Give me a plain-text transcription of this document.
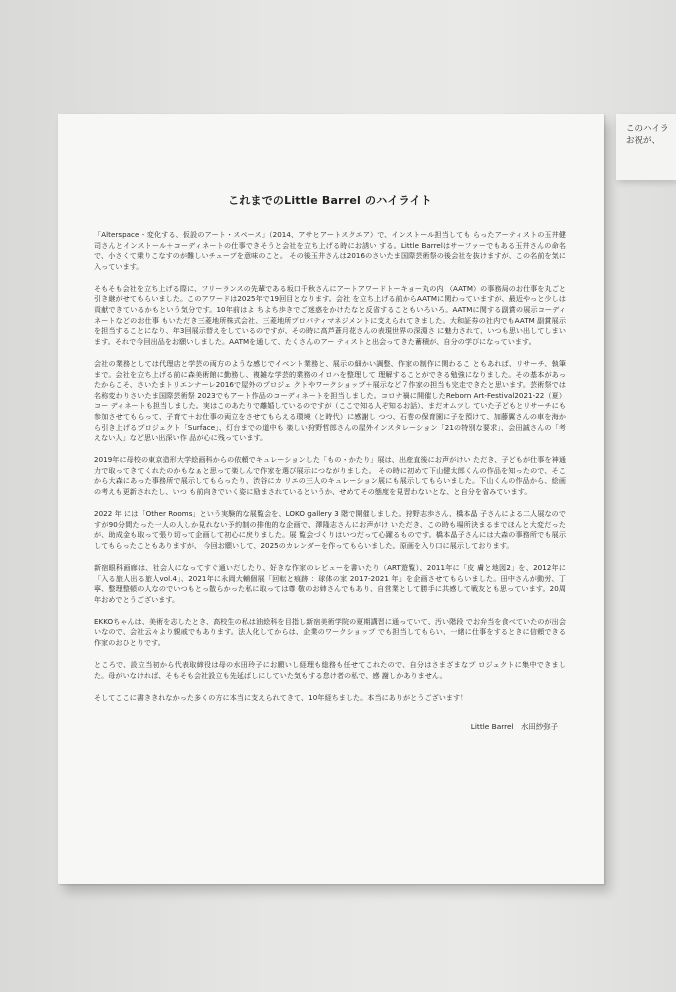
これまでのLittle Barrel のハイライト

「Alterspace - 変化する、仮設のアート・スペース」（2014、アサヒアートスクエア）で、インストール担当しても らったアーティストの玉井健司さんとインストール＋コーディネートの仕事できそうと会社を立ち上げる時にお誘い する。Little Barrelはサーファーでもある玉井さんの命名で、小さくて乗りこなすのが難しいチューブを意味のこと。 その後玉井さんは2016のさいたま国際芸術祭の後会社を抜けますが、この名前を気に入っています。

そもそも会社を立ち上げる際に、フリーランスの先輩である坂口千秋さんにアートアワードトーキョー丸の内 （AATM）の事務局のお仕事を丸ごと引き継がせてもらいました。このアワードは2025年で19回目となります。会社 を立ち上げる前からAATMに関わっていますが、最近やっと少しは貢献できているかもという気分です。10年前はよ ちよち歩きでご迷惑をかけたなと反省することもいろいろ。AATMに関する副賞の展示コーディネートなどのお仕事 もいただき三菱地所株式会社、三菱地所プロパティマネジメントに支えられてきました。大和証券の社内でもAATM 副賞展示を担当することになり、年3回展示替えをしているのですが、その時に高芦蒼月花さんの表現世界の深淵さ に魅力されて、いつも思い出してしまいます。それで今回出品をお願いしました。AATMを通して、たくさんのアー ティストと出会ってきた蓄積が、自分の学びになっています。

会社の業務としては代理店と学芸の両方のような感じでイベント業務と、展示の細かい調整、作家の制作に関わるこ ともあれば、リサーチ、執筆まで。会社を立ち上げる前に森美術館に勤務し、複雑な学芸的業務のイロハを整理して 理解することができる勉強になりました。その基本があったからこそ、さいたまトリエンナーレ2016で屋外のプロジェ クトやワークショップ＋展示など７作家の担当も完走できたと思います。芸術祭では名称変わりさいたま国際芸術祭 2023でもアート作品のコーディネートを担当しました。コロナ禍に開催したReborn Art-Festival2021-22（夏）コー ディネートも担当しました。実はこのあたりで離婚しているのですが（ここで知る人ぞ知るお話）、まだオムツし ていた子どもとリサーチにも参加させてもらって、子育て＋お仕事の両立をさせてもらえる環境（と時代）に感謝し つつ、石巻の保育園に子を預けて、加藤翼さんの車を海から引き上げるプロジェクト「Surface」、灯台までの道中も 楽しい狩野哲郎さんの屋外インスタレーション「21の特別な要求」、会田誠さんの「考えない人」など思い出深い作 品が心に残っています。

2019年に母校の東京造形大学絵画科からの依頼でキュレーションした「もの・かたり」展は、出産直後にお声がけい ただき、子どもが仕事を神通力で取ってきてくれたのかもなぁと思って楽しんで作家を選び展示につながりました。 その時に初めて下山健太郎くんの作品を知ったので、そこから大森にあった事務所で展示してもらったり、渋谷にカ リエの三人のキュレーション展にも展示してもらいました。下山くんの作品から、絵画の考えも更新されたし、いつ も前向きでいく姿に励まされているというか、せめてその態度を見習わないとな、と自分を省みています。

2022 年 には「Other Rooms」という実験的な展覧会を、LOKO gallery 3 階で開催しました。狩野志歩さん、橋本晶 子さんによる二人展なのですが90分間たった一人の人しか見れない予約制の排他的な企画で、澤隆志さんにお声がけ いただき、この時も場所決まるまでほんと大変だったが、助成金も取って張り切って企画して初心に戻りました。展 覧会づくりはいつだって心躍るものです。橋本晶子さんには大森の事務所でも展示してもらったこともありますが、 今回お願いして、2025のカレンダーを作ってもらいました。原画を入り口に展示しております。

新宿眼科画廊は、社会人になってすぐ通いだしたり、好きな作家のレビューを書いたり（ART遊覧）、2011年に「皮 膚と地図2」を、2012年に「入る旅人出る旅人vol.4」、2021年に永岡大輔個展「回転と痕跡 ：球体の家 2017-2021 年」を企画させてもらいました。田中さんが動労、丁寧、整理整頓の人なのでいつもとっ散らかった私に取っては尊 敬のお姉さんでもあり、自営業として勝手に共感して戦友とも思っています。20周年おめでとうございます。

EKKOちゃんは、美術を志したとき、高校生の私は油絵科を目指し新宿美術学院の夏期講習に通っていて、汚い階段 でお弁当を食べていたのが出会いなので、会社云々より親戚でもあります。法人化してからは、企業のワークショップ でも担当してもらい、一緒に仕事をするときに信頼できる作家のおひとりです。

ところで、設立当初から代表取締役は母の水田玲子にお願いし経理も総務も任せてこれたので、自分はさまざまなプ ロジェクトに集中できました。母がいなければ、そもそも会社設立も先延ばしにしていた気もする怠け者の私で、感 謝しかありません。

そしてここに書ききれなかった多くの方に本当に支えられてきて、10年経ちました。本当にありがとうございます！

Little Barrel　水田紗弥子
このハイラ
お祝が、
